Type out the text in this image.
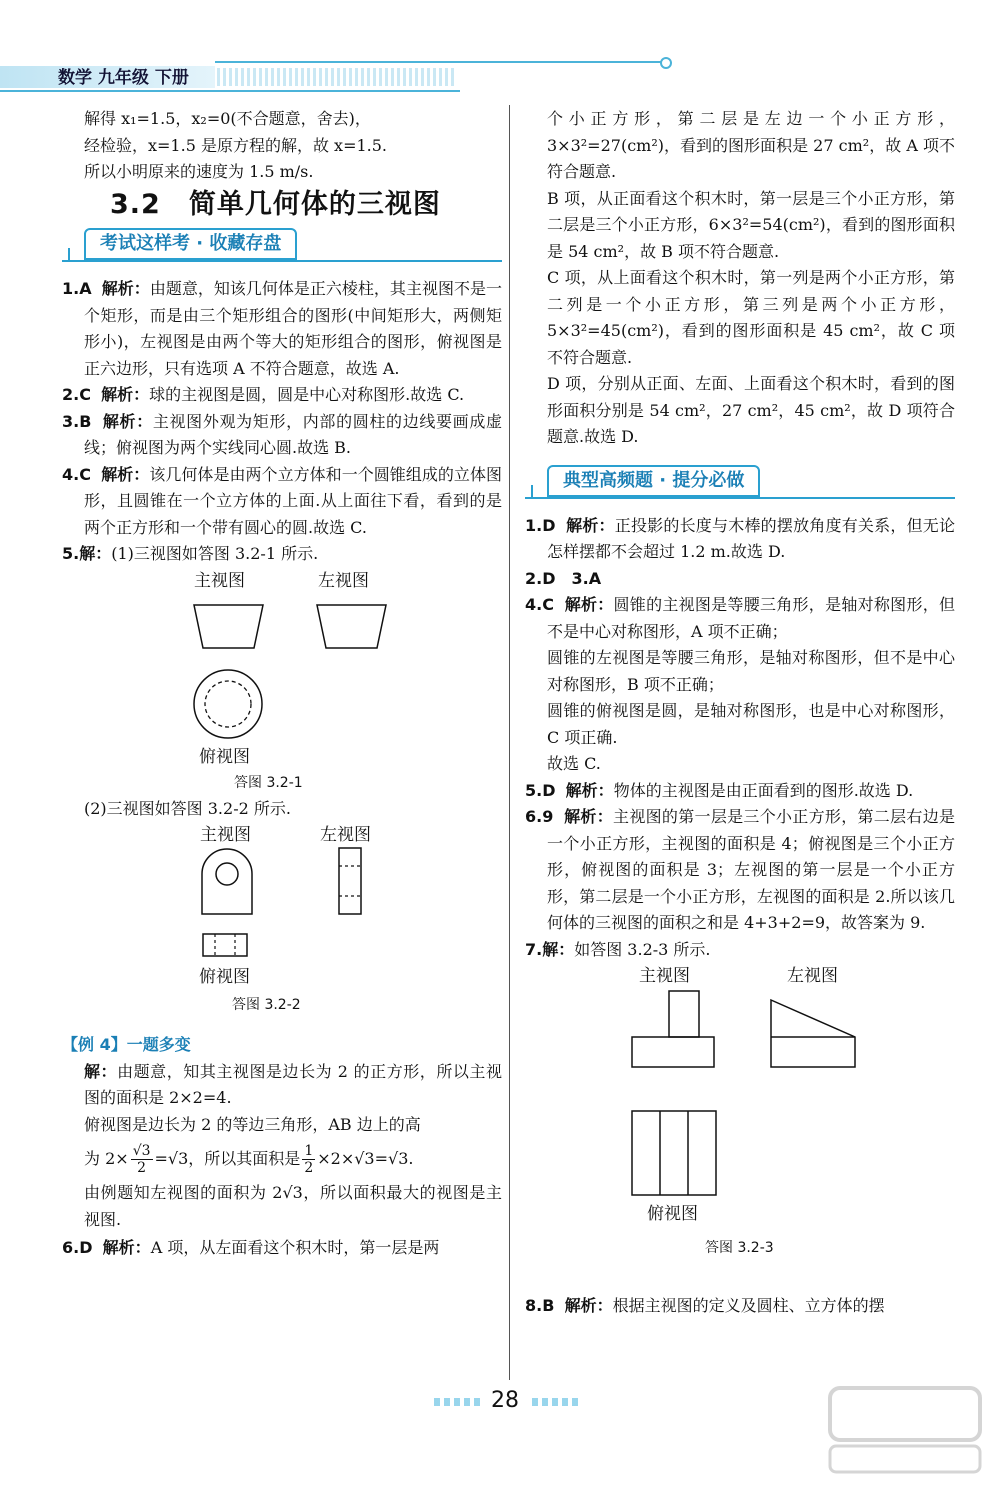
数学 九年级 下册

解得 x₁=1.5，x₂=0(不合题意，舍去)，

经检验，x=1.5 是原方程的解，故 x=1.5.

所以小明原来的速度为 1.5 m/s.

3.2　简单几何体的三视图
考试这样考 · 收藏存盘

1.A 解析：由题意，知该几何体是正六棱柱，其主视图不是一个矩形，而是由三个矩形组合的图形(中间矩形大，两侧矩形小)，左视图是由两个等大的矩形组合的图形，俯视图是正六边形，只有选项 A 不符合题意，故选 A.

2.C 解析：球的主视图是圆，圆是中心对称图形.故选 C.

3.B 解析：主视图外观为矩形，内部的圆柱的边线要画成虚线；俯视图为两个实线同心圆.故选 B.

4.C 解析：该几何体是由两个立方体和一个圆锥组成的立体图形，且圆锥在一个立方体的上面.从上面往下看，看到的是两个正方形和一个带有圆心的圆.故选 C.

5.解：(1)三视图如答图 3.2-1 所示.

主视图	左视图
俯视图
答图 3.2-1

(2)三视图如答图 3.2-2 所示.

主视图	左视图
俯视图
答图 3.2-2

【例 4】一题多变

解：由题意，知其主视图是边长为 2 的正方形，所以主视图的面积是 2×2=4.

俯视图是边长为 2 的等边三角形，AB 边上的高

为 $2\times \frac{√3}{2} =√3$，所以其面积是 $\frac{1}{2} \times 2\times√3=√3$.

由例题知左视图的面积为 2√3，所以面积最大的视图是主视图.

6.D 解析：A 项，从左面看这个积木时，第一层是两

个小正方形，第二层是左边一个小正方形，3×3²=27(cm²)，看到的图形面积是 27 cm²，故 A 项不符合题意.

B 项，从正面看这个积木时，第一层是三个小正方形，第二层是三个小正方形，6×3²=54(cm²)，看到的图形面积是 54 cm²，故 B 项不符合题意.

C 项，从上面看这个积木时，第一列是两个小正方形，第二列是一个小正方形，第三列是两个小正方形，5×3²=45(cm²)，看到的图形面积是 45 cm²，故 C 项不符合题意.

D 项，分别从正面、左面、上面看这个积木时，看到的图形面积分别是 54 cm²，27 cm²，45 cm²，故 D 项符合题意.故选 D.

典型高频题 · 提分必做

1.D 解析：正投影的长度与木棒的摆放角度有关系，但无论怎样摆都不会超过 1.2 m.故选 D.

2.D　3.A

4.C 解析：圆锥的主视图是等腰三角形，是轴对称图形，但不是中心对称图形，A 项不正确；

圆锥的左视图是等腰三角形，是轴对称图形，但不是中心对称图形，B 项不正确；

圆锥的俯视图是圆，是轴对称图形，也是中心对称图形，C 项正确.

故选 C.

5.D 解析：物体的主视图是由正面看到的图形.故选 D.

6.9 解析：主视图的第一层是三个小正方形，第二层右边是一个小正方形，主视图的面积是 4；俯视图是三个小正方形，俯视图的面积是 3；左视图的第一层是一个小正方形，第二层是一个小正方形，左视图的面积是 2.所以该几何体的三视图的面积之和是 4+3+2=9，故答案为 9.

7.解：如答图 3.2-3 所示.

主视图	左视图
俯视图
答图 3.2-3

8.B 解析：根据主视图的定义及圆柱、立方体的摆

28
